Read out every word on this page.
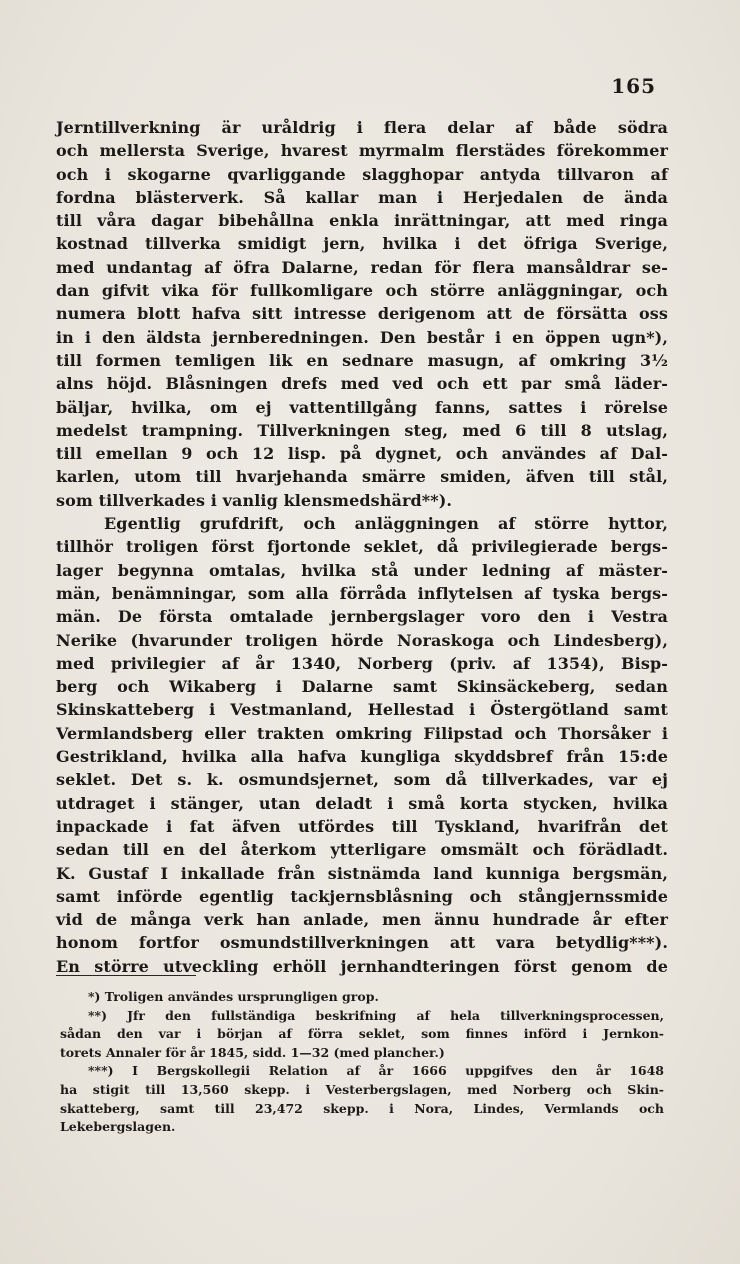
165
Jerntillverkning är uråldrig i flera delar af både södra
och mellersta Sverige, hvarest myrmalm flerstädes förekommer
och i skogarne qvarliggande slagghopar antyda tillvaron af
fordna blästerverk. Så kallar man i Herjedalen de ända
till våra dagar bibehållna enkla inrättningar, att med ringa
kostnad tillverka smidigt jern, hvilka i det öfriga Sverige,
med undantag af öfra Dalarne, redan för flera mansåldrar se-
dan gifvit vika för fullkomligare och större anläggningar, och
numera blott hafva sitt intresse derigenom att de försätta oss
in i den äldsta jernberedningen. Den består i en öppen ugn*),
till formen temligen lik en sednare masugn, af omkring 3½
alns höjd. Blåsningen drefs med ved och ett par små läder-
bäljar, hvilka, om ej vattentillgång fanns, sattes i rörelse
medelst trampning. Tillverkningen steg, med 6 till 8 utslag,
till emellan 9 och 12 lisp. på dygnet, och användes af Dal-
karlen, utom till hvarjehanda smärre smiden, äfven till stål,
som tillverkades i vanlig klensmedshärd**).
Egentlig grufdrift, och anläggningen af större hyttor,
tillhör troligen först fjortonde seklet, då privilegierade bergs-
lager begynna omtalas, hvilka stå under ledning af mäster-
män, benämningar, som alla förråda inflytelsen af tyska bergs-
män. De första omtalade jernbergslager voro den i Vestra
Nerike (hvarunder troligen hörde Noraskoga och Lindesberg),
med privilegier af år 1340, Norberg (priv. af 1354), Bisp-
berg och Wikaberg i Dalarne samt Skinsäckeberg, sedan
Skinskatteberg i Vestmanland, Hellestad i Östergötland samt
Vermlandsberg eller trakten omkring Filipstad och Thorsåker i
Gestrikland, hvilka alla hafva kungliga skyddsbref från 15:de
seklet. Det s. k. osmundsjernet, som då tillverkades, var ej
utdraget i stänger, utan deladt i små korta stycken, hvilka
inpackade i fat äfven utfördes till Tyskland, hvarifrån det
sedan till en del återkom ytterligare omsmält och förädladt.
K. Gustaf I inkallade från sistnämda land kunniga bergsmän,
samt införde egentlig tackjernsblåsning och stångjernssmide
vid de många verk han anlade, men ännu hundrade år efter
honom fortfor osmundstillverkningen att vara betydlig***).
En större utveckling erhöll jernhandteringen först genom de
*) Troligen användes ursprungligen grop.
**) Jfr den fullständiga beskrifning af hela tillverkningsprocessen,
sådan den var i början af förra seklet, som finnes införd i Jernkon-
torets Annaler för år 1845, sidd. 1—32 (med plancher.)
***) I Bergskollegii Relation af år 1666 uppgifves den år 1648
ha stigit till 13,560 skepp. i Vesterbergslagen, med Norberg och Skin-
skatteberg, samt till 23,472 skepp. i Nora, Lindes, Vermlands och
Lekebergslagen.
